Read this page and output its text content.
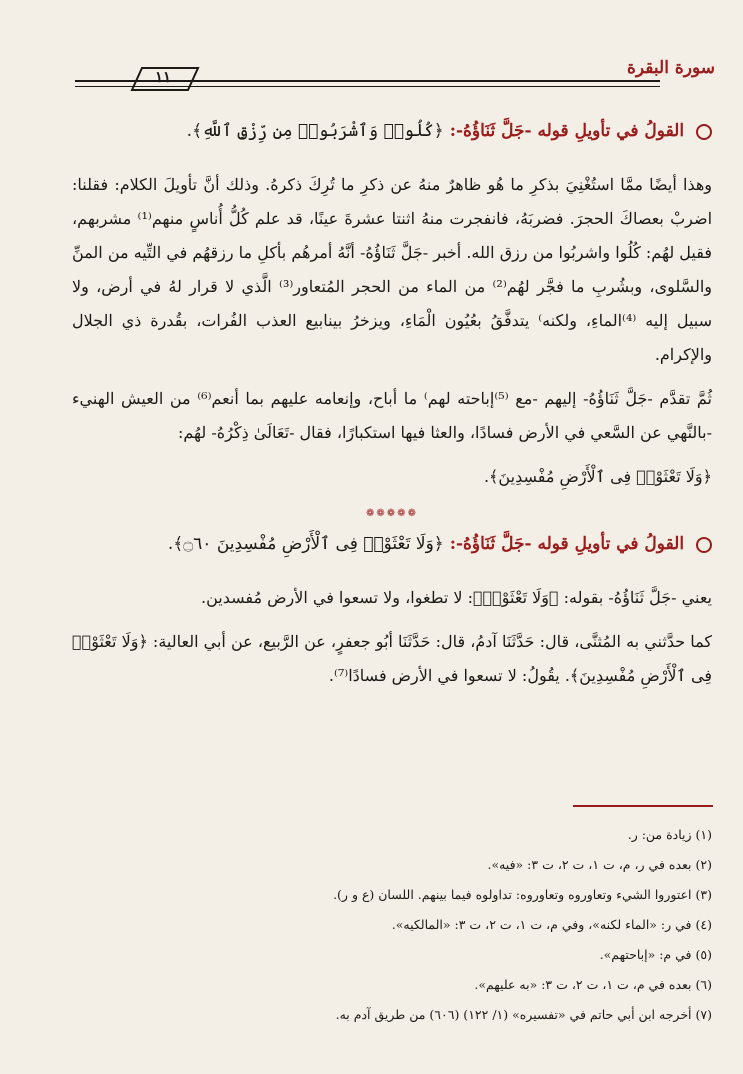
سورة البقرة
١١
القولُ في تأويلِ قوله -جَلَّ ثَنَاؤُهُ-: ﴿كُلُوا۟ وَٱشْرَبُوا۟ مِن رِّزْقِ ٱللَّهِ﴾.

وهذا أيضًا ممَّا استُغْنِيَ بذكرِ ما هُو ظاهرٌ منهُ عن ذكرِ ما تُرِكَ ذكرهُ. وذلك أنَّ تأويلَ الكلام: فقلنا: اضربْ بعصاكَ الحجرَ. فضربَهُ، فانفجرت منهُ اثنتا عشرةَ عينًا، قد علم كُلُّ أُناسٍ منهم⁽¹⁾ مشربهم، فقيل لهُم: كُلُوا واشربُوا من رزق الله. أخبر -جَلَّ ثَنَاؤُهُ- أنَّهُ أمرهُم بأكلِ ما رزقهُم في التِّيه من المنِّ والسَّلوى، وبشُربِ ما فجَّر لهُم⁽²⁾ من الماء من الحجر المُتعاور⁽³⁾ الَّذي لا قرار لهُ في أرض، ولا سبيل إليه ⁽⁴⁾الماءِ، ولكنه⁾ يتدفَّقُ بعُيُون الْمَاءِ، ويزخرُ بينابيع العذب الفُرات، بقُدرة ذي الجلال والإكرام.

ثُمَّ تقدَّم -جَلَّ ثَنَاؤُهُ- إليهم -مع ⁽⁵⁾إباحته لهم⁾ ما أباح، وإنعامه عليهم بما أنعم⁽⁶⁾ من العيش الهنيء -بالنَّهي عن السَّعي في الأرض فسادًا، والعثا فيها استكبارًا، فقال -تَعَالَىٰ ذِكْرُهُ- لهُم:

﴿وَلَا تَعْثَوْا۟ فِى ٱلْأَرْضِ مُفْسِدِينَ﴾.

❁❁❁❁❁
القولُ في تأويلِ قوله -جَلَّ ثَنَاؤُهُ-: ﴿وَلَا تَعْثَوْا۟ فِى ٱلْأَرْضِ مُفْسِدِينَ ۝٦٠﴾.

يعني -جَلَّ ثَنَاؤُهُ- بقوله: ﴿وَلَا تَعْثَوْا۟﴾: لا تطغوا، ولا تسعوا في الأرض مُفسدين.

كما حدَّثني به المُثنَّى، قال: حَدَّثَنَا آدمُ، قال: حَدَّثَنَا أبُو جعفرٍ، عن الرَّبيع، عن أبي العالية: ﴿وَلَا تَعْثَوْا۟ فِى ٱلْأَرْضِ مُفْسِدِينَ﴾. يقُولُ: لا تسعوا في الأرض فسادًا⁽⁷⁾.

(١) زيادة من: ر.
(٢) بعده في ر، م، ت ١، ت ٢، ت ٣: «فيه».
(٣) اعتوروا الشيء وتعاوروه وتعاوروه: تداولوه فيما بينهم. اللسان (ع و ر).
(٤) في ر: «الماء لكنه»، وفي م، ت ١، ت ٢، ت ٣: «المالكيه».
(٥) في م: «إباحتهم».
(٦) بعده في م، ت ١، ت ٢، ت ٣: «به عليهم».
(٧) أخرجه ابن أبي حاتم في «تفسيره» (١/ ١٢٢) (٦٠٦) من طريق آدم به.
